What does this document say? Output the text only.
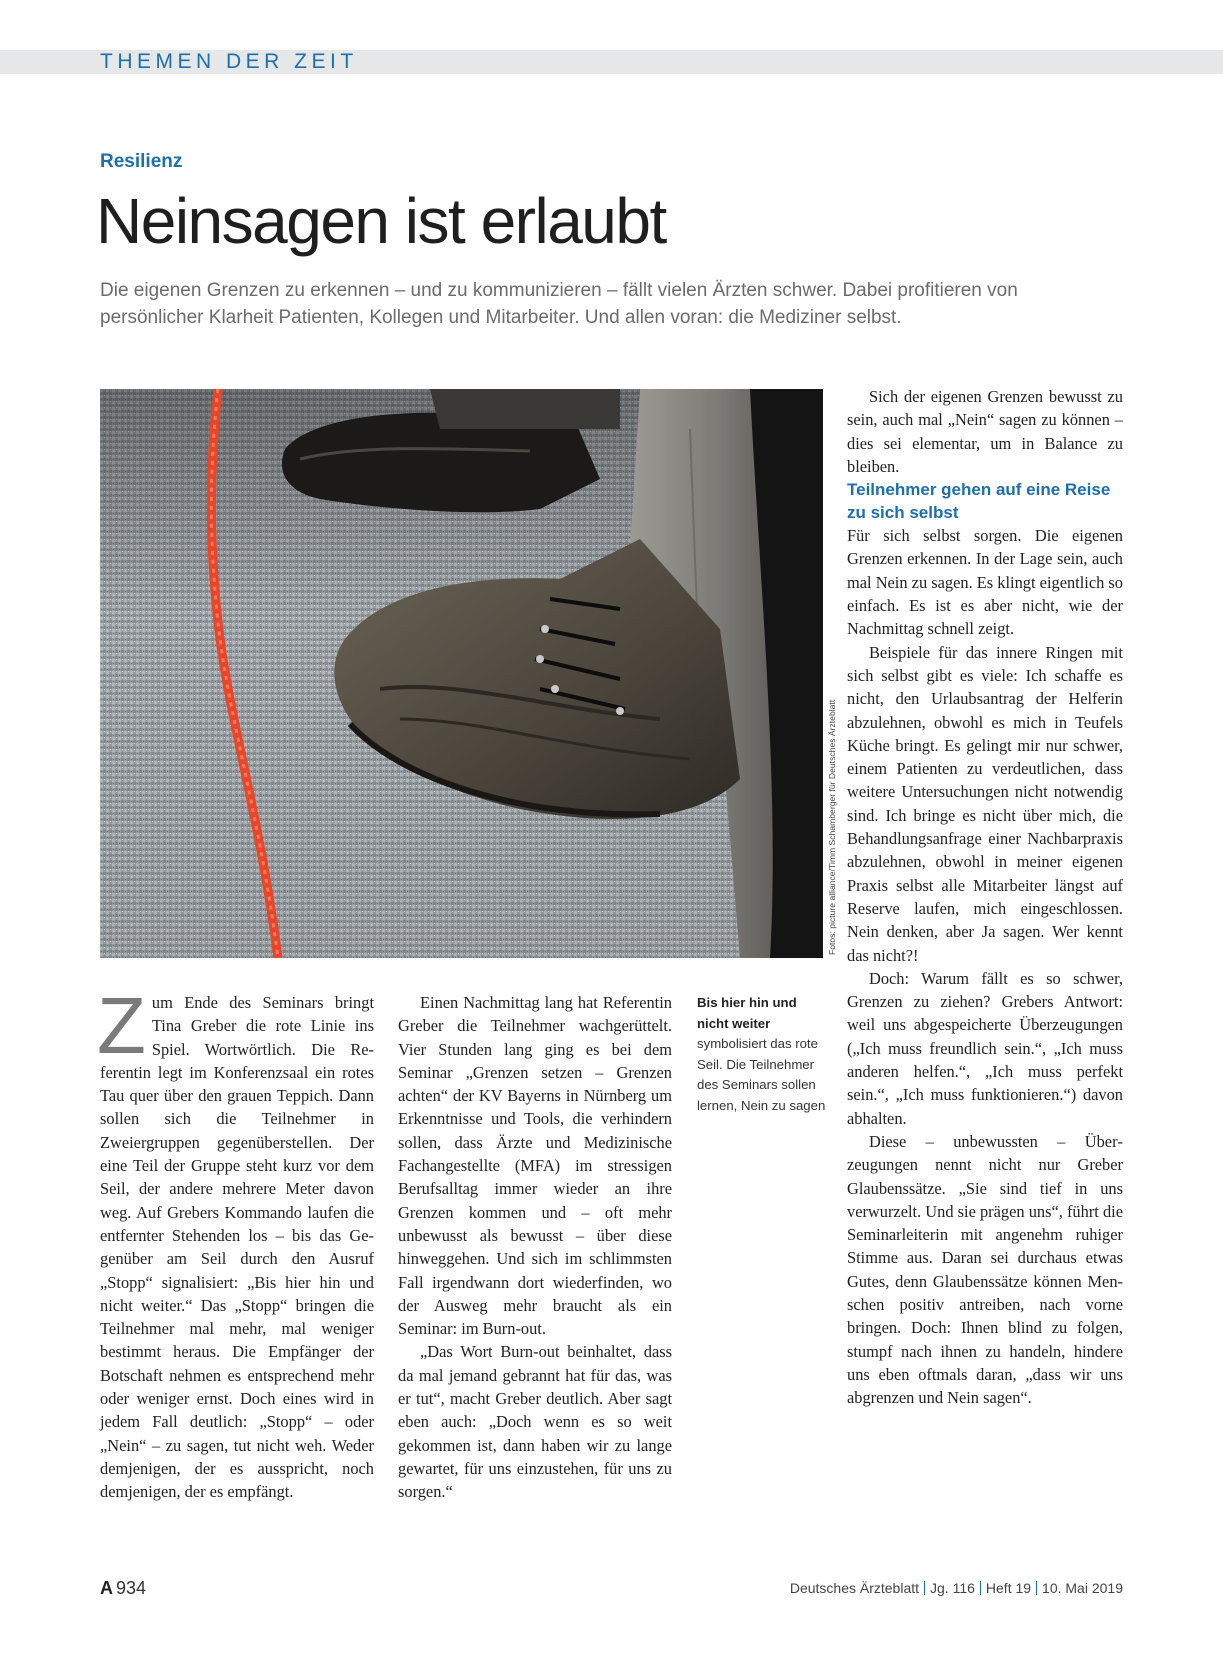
THEMEN DER ZEIT
Resilienz
Neinsagen ist erlaubt
Die eigenen Grenzen zu erkennen – und zu kommunizieren – fällt vielen Ärzten schwer. Dabei profitieren von persönlicher Klarheit Patienten, Kollegen und Mitarbeiter. Und allen voran: die Mediziner selbst.
Fotos: picture alliance/Timm Schamberger für Deutsches Ärzteblatt

Zum Ende des Seminars bringt Tina Greber die rote Linie ins Spiel. Wortwörtlich. Die Referentin legt im Konferenzsaal ein rotes Tau quer über den grauen Teppich. Dann sollen sich die Teilnehmer in Zweiergruppen gegenüberstellen. Der eine Teil der Gruppe steht kurz vor dem Seil, der andere mehrere Meter davon weg. Auf Grebers Kommando laufen die entfernter Stehenden los – bis das Gegenüber am Seil durch den Ausruf „Stopp“ signalisiert: „Bis hier hin und nicht weiter.“ Das „Stopp“ bringen die Teilnehmer mal mehr, mal weniger bestimmt heraus. Die Empfänger der Botschaft nehmen es entsprechend mehr oder weniger ernst. Doch eines wird in jedem Fall deutlich: „Stopp“ – oder „Nein“ – zu sagen, tut nicht weh. Weder demjenigen, der es ausspricht, noch demjenigen, der es empfängt.

Einen Nachmittag lang hat Referentin Greber die Teilnehmer wachgerüttelt. Vier Stunden lang ging es bei dem Seminar „Grenzen setzen – Grenzen achten“ der KV Bayerns in Nürnberg um Erkenntnisse und Tools, die verhindern sollen, dass Ärzte und Medizinische Fachangestellte (MFA) im stressigen Berufsalltag immer wieder an ihre Grenzen kommen und – oft mehr unbewusst als bewusst – über diese hinweggehen. Und sich im schlimmsten Fall irgendwann dort wiederfinden, wo der Ausweg mehr braucht als ein Seminar: im Burn-out.

„Das Wort Burn-out beinhaltet, dass da mal jemand gebrannt hat für das, was er tut“, macht Greber deutlich. Aber sagt eben auch: „Doch wenn es so weit gekommen ist, dann haben wir zu lange gewartet, für uns einzustehen, für uns zu sorgen.“

Bis hier hin und nicht weiter symbolisiert das rote Seil. Die Teilnehmer des Seminars sollen lernen, Nein zu sagen

Sich der eigenen Grenzen bewusst zu sein, auch mal „Nein“ sagen zu können – dies sei elementar, um in Balance zu bleiben.

Teilnehmer gehen auf eine Reise zu sich selbst

Für sich selbst sorgen. Die eigenen Grenzen erkennen. In der Lage sein, auch mal Nein zu sagen. Es klingt eigentlich so einfach. Es ist es aber nicht, wie der Nachmittag schnell zeigt.

Beispiele für das innere Ringen mit sich selbst gibt es viele: Ich schaffe es nicht, den Urlaubsantrag der Helferin abzulehnen, obwohl es mich in Teufels Küche bringt. Es gelingt mir nur schwer, einem Patienten zu verdeutlichen, dass weitere Untersuchungen nicht notwendig sind. Ich bringe es nicht über mich, die Behandlungsanfrage einer Nachbarpraxis abzulehnen, obwohl in meiner eigenen Praxis selbst alle Mitarbeiter längst auf Reserve laufen, mich eingeschlossen. Nein denken, aber Ja sagen. Wer kennt das nicht?!

Doch: Warum fällt es so schwer, Grenzen zu ziehen? Grebers Antwort: weil uns abgespeicherte Überzeugungen („Ich muss freundlich sein.“, „Ich muss anderen helfen.“, „Ich muss perfekt sein.“, „Ich muss funktionieren.“) davon abhalten.

Diese – unbewussten – Überzeugungen nennt nicht nur Greber Glaubenssätze. „Sie sind tief in uns verwurzelt. Und sie prägen uns“, führt die Seminarleiterin mit angenehm ruhiger Stimme aus. Daran sei durchaus etwas Gutes, denn Glaubenssätze können Menschen positiv antreiben, nach vorne bringen. Doch: Ihnen blind zu folgen, stumpf nach ihnen zu handeln, hindere uns eben oftmals daran, „dass wir uns abgrenzen und Nein sagen“.

A 934	Deutsches Ärzteblatt Jg. 116 Heft 19 10. Mai 2019
